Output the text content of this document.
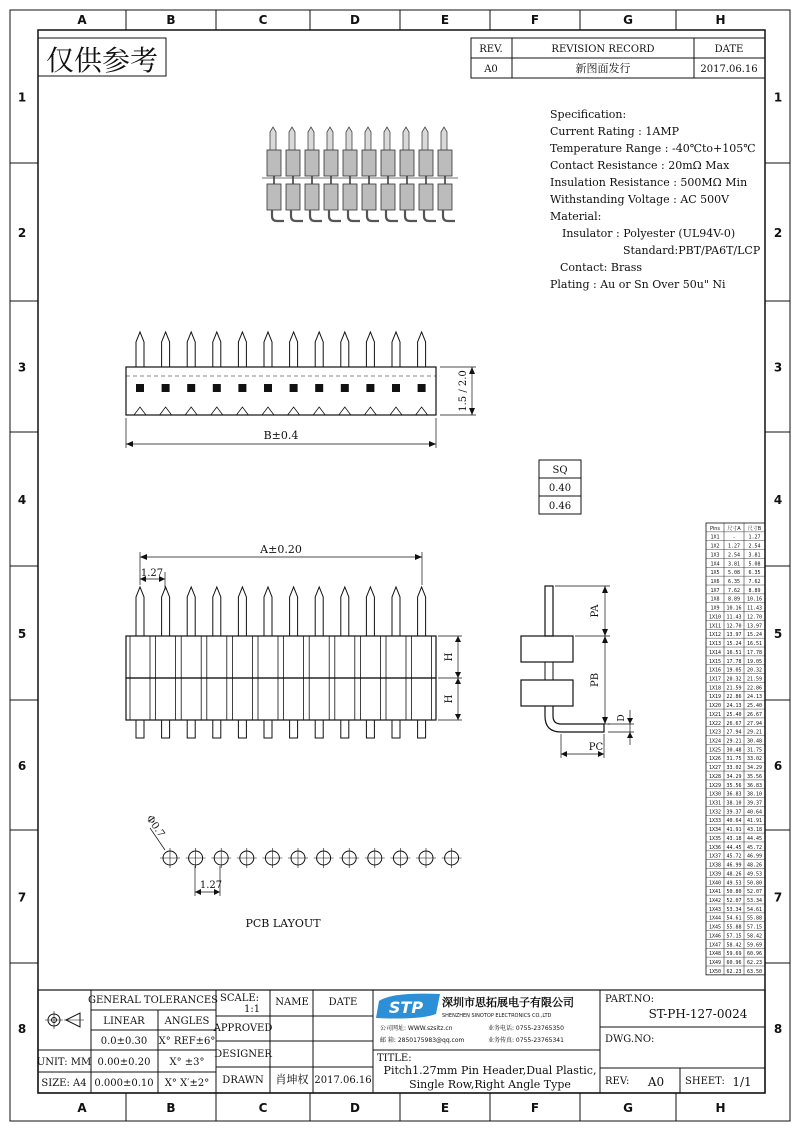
A
A
B
B
C
C
D
D
E
E
F
F
G
G
H
H
1	1
2	2
3	3
4	4
5	5
6	6
7	7
8	8
仅供参考	REV.	REVISION RECORD	DATE
A0	新图面发行	2017.06.16
Specification:
Current Rating : 1AMP
Temperature Range : -40℃to+105℃
Contact Resistance : 20mΩ Max
Insulation Resistance : 500MΩ Min
Withstanding Voltage : AC 500V
Material:
Insulator : Polyester (UL94V-0)
Standard:PBT/PA6T/LCP
Contact: Brass
Plating : Au or Sn Over 50u" Ni
B±0.4
1.5 / 2.0
SQ
0.40
0.46
A±0.20
1.27
H
H
PA
PB
D
PC
Φ0.7
1.27
PCB LAYOUT
Pins 尺寸A 尺寸B
1X1	-	1.27
1X2 1.27 2.54
1X3 2.54 3.81
1X4 3.81 5.08
1X5 5.08 6.35
1X6 6.35 7.62
1X7 7.62 8.89
1X8 8.89 10.16
1X9 10.16 11.43
1X10 11.43 12.70
1X11 12.70 13.97
1X12 13.97 15.24
1X13 15.24 16.51
1X14 16.51 17.78
1X15 17.78 19.05
1X16 19.05 20.32
1X17 20.32 21.59
1X18 21.59 22.86
1X19 22.86 24.13
1X20 24.13 25.40
1X21 25.40 26.67
1X22 26.67 27.94
1X23 27.94 29.21
1X24 29.21 30.48
1X25 30.48 31.75
1X26 31.75 33.02
1X27 33.02 34.29
1X28 34.29 35.56
1X29 35.56 36.83
1X30 36.83 38.10
1X31 38.10 39.37
1X32 39.37 40.64
1X33 40.64 41.91
1X34 41.91 43.18
1X35 43.18 44.45
1X36 44.45 45.72
1X37 45.72 46.99
1X38 46.99 48.26
1X39 48.26 49.53
1X40 49.53 50.80
1X41 50.80 52.07
1X42 52.07 53.34
1X43 53.34 54.61
1X44 54.61 55.88
1X45 55.88 57.15
1X46 57.15 58.42
1X47 58.42 59.69
1X48 59.69 60.96
1X49 60.96 62.23
1X50 62.23 63.50
GENERAL TOLERANCES
LINEAR ANGLES
0.0±0.30 X° REF±6°
0.00±0.20 X° ±3°
0.000±0.10 X° X′±2°
UNIT: MM
SIZE: A4
SCALE:
1:1
NAME DATE
APPROVED
DESIGNER
DRAWN 肖坤权 2017.06.16
STP 深圳市思拓展电子有限公司
SHENZHEN SINOTOP ELECTRONICS CO.,LTD
公司网址: WWW.szsitz.cn	业务电话: 0755-23765350
邮 箱: 2850175983@qq.com	业务传真: 0755-23765341
TITLE:
Pitch1.27mm Pin Header,Dual Plastic,
Single Row,Right Angle Type
PART.NO:
ST-PH-127-0024
DWG.NO:
REV: A0 SHEET: 1/1
